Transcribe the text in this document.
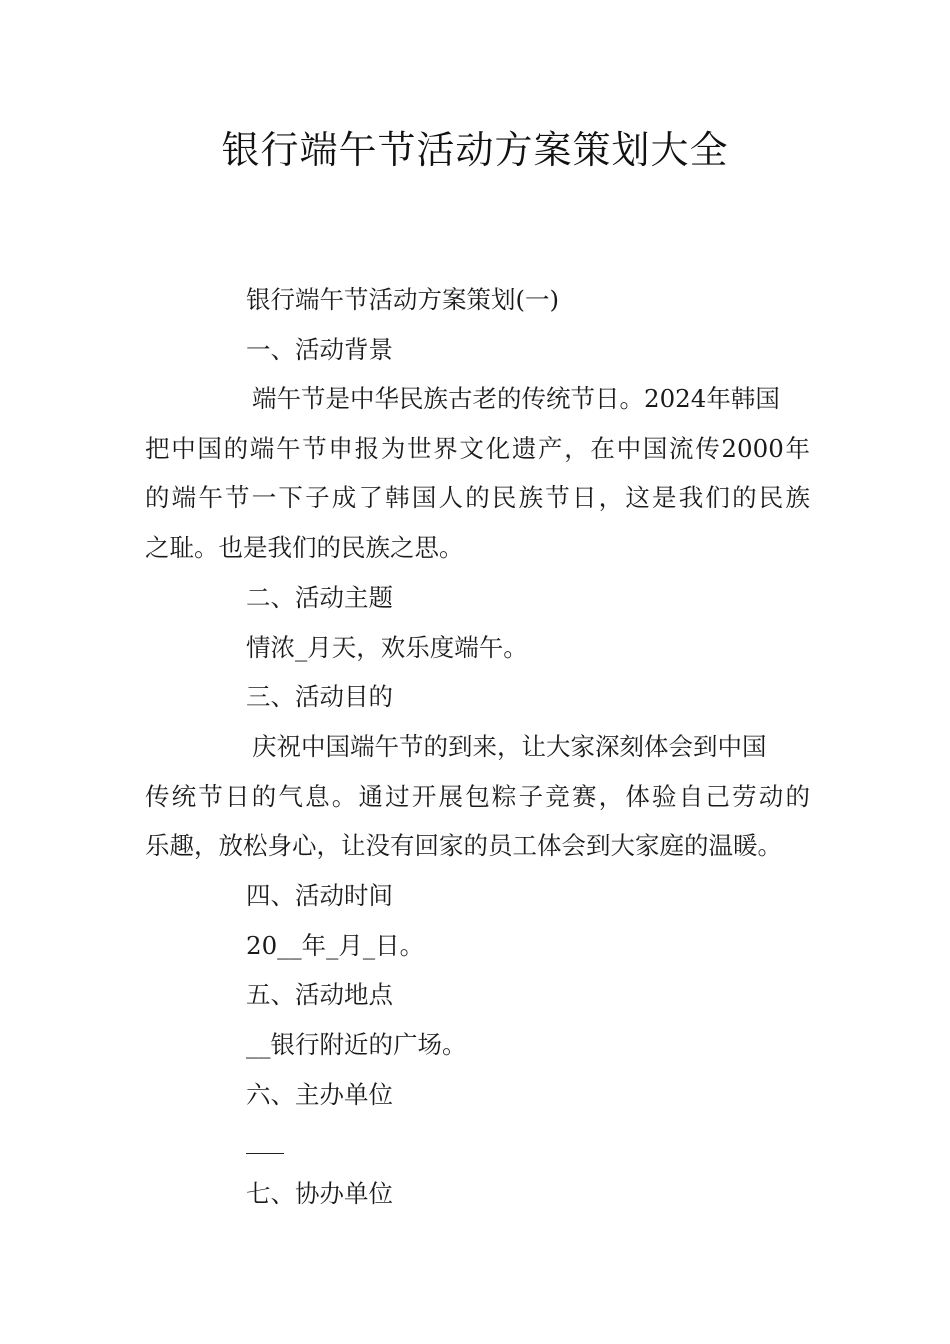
银行端午节活动方案策划大全
银行端午节活动方案策划(一)
一、活动背景
端午节是中华民族古老的传统节日。2024年韩国
把中国的端午节申报为世界文化遗产，在中国流传2000年
的端午节一下子成了韩国人的民族节日，这是我们的民族
之耻。也是我们的民族之思。
二、活动主题
情浓_月天，欢乐度端午。
三、活动目的
庆祝中国端午节的到来，让大家深刻体会到中国
传统节日的气息。通过开展包粽子竞赛，体验自己劳动的
乐趣，放松身心，让没有回家的员工体会到大家庭的温暖。
四、活动时间
20__年_月_日。
五、活动地点
__银行附近的广场。
六、主办单位
七、协办单位
